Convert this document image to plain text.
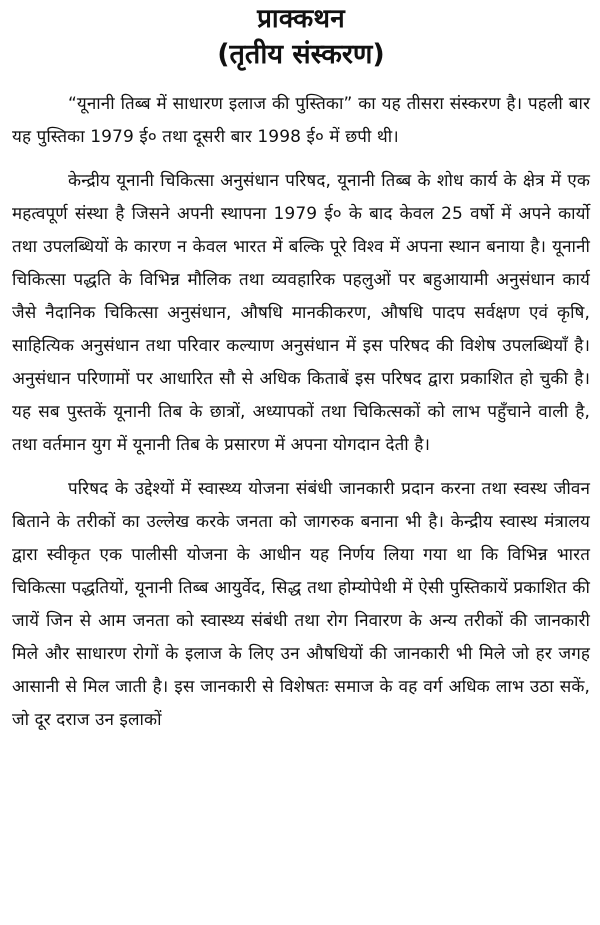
प्राक्कथन
(तृतीय संस्करण)

“यूनानी तिब्ब में साधारण इलाज की पुस्तिका” का यह तीसरा संस्करण है। पहली बार यह पुस्तिका 1979 ई० तथा दूसरी बार 1998 ई० में छपी थी।

केन्द्रीय यूनानी चिकित्सा अनुसंधान परिषद, यूनानी तिब्ब के शोध कार्य के क्षेत्र में एक महत्वपूर्ण संस्था है जिसने अपनी स्थापना 1979 ई० के बाद केवल 25 वर्षो में अपने कार्यो तथा उपलब्धियों के कारण न केवल भारत में बल्कि पूरे विश्व में अपना स्थान बनाया है। यूनानी चिकित्सा पद्धति के विभिन्न मौलिक तथा व्यवहारिक पहलुओं पर बहुआयामी अनुसंधान कार्य जैसे नैदानिक चिकित्सा अनुसंधान, औषधि मानकीकरण, औषधि पादप सर्वक्षण एवं कृषि, साहित्यिक अनुसंधान तथा परिवार कल्याण अनुसंधान में इस परिषद की विशेष उपलब्धियाँ है। अनुसंधान परिणामों पर आधारित सौ से अधिक किताबें इस परिषद द्वारा प्रकाशित हो चुकी है। यह सब पुस्तकें यूनानी तिब के छात्रों, अध्यापकों तथा चिकित्सकों को लाभ पहुँचाने वाली है, तथा वर्तमान युग में यूनानी तिब के प्रसारण में अपना योगदान देती है।

परिषद के उद्देश्यों में स्वास्थ्य योजना संबंधी जानकारी प्रदान करना तथा स्वस्थ जीवन बिताने के तरीकों का उल्लेख करके जनता को जागरुक बनाना भी है। केन्द्रीय स्वास्थ मंत्रालय द्वारा स्वीकृत एक पालीसी योजना के आधीन यह निर्णय लिया गया था कि विभिन्न भारत चिकित्सा पद्धतियों, यूनानी तिब्ब आयुर्वेद, सिद्ध तथा होम्योपेथी में ऐसी पुस्तिकायें प्रकाशित की जायें जिन से आम जनता को स्वास्थ्य संबंधी तथा रोग निवारण के अन्य तरीकों की जानकारी मिले और साधारण रोगों के इलाज के लिए उन औषधियों की जानकारी भी मिले जो हर जगह आसानी से मिल जाती है। इस जानकारी से विशेषतः समाज के वह वर्ग अधिक लाभ उठा सकें, जो दूर दराज उन इलाकों
